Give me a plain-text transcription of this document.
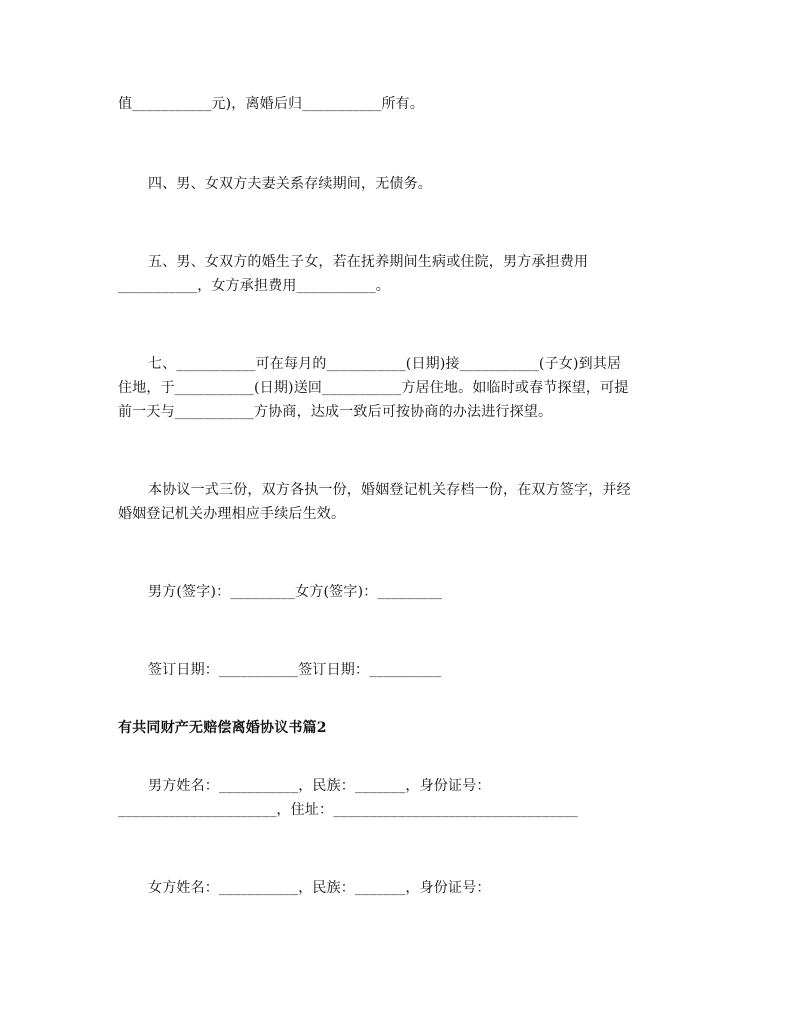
值___________元)，离婚后归___________所有。
四、男、女双方夫妻关系存续期间，无债务。
五、男、女双方的婚生子女，若在抚养期间生病或住院，男方承担费用
___________，女方承担费用___________。
七、___________可在每月的___________(日期)接___________(子女)到其居
住地，于___________(日期)送回___________方居住地。如临时或春节探望，可提
前一天与___________方协商，达成一致后可按协商的办法进行探望。
本协议一式三份，双方各执一份，婚姻登记机关存档一份，在双方签字，并经
婚姻登记机关办理相应手续后生效。
男方(签字)：_________女方(签字)：_________
签订日期：___________签订日期：__________
有共同财产无赔偿离婚协议书篇2
男方姓名：___________，民族：_______，身份证号：
______________________，住址：__________________________________
女方姓名：___________，民族：_______，身份证号：
